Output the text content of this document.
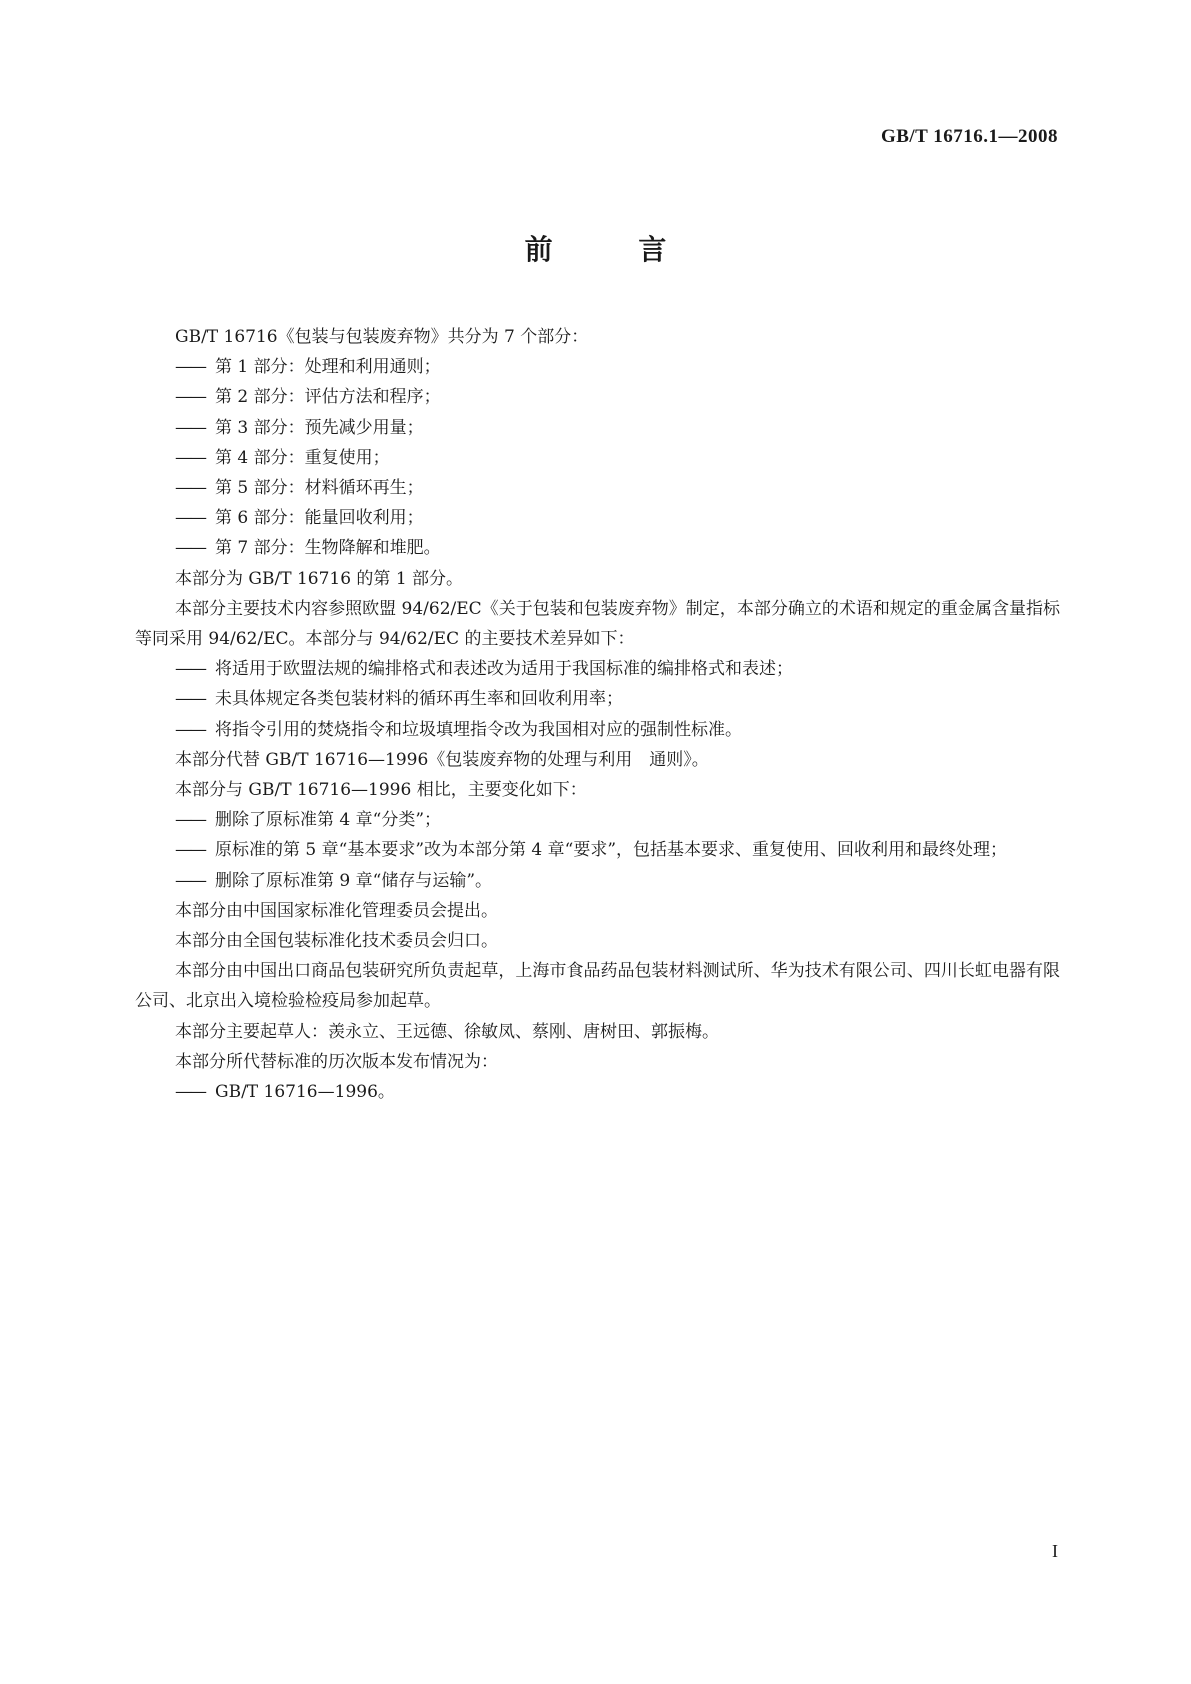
GB/T 16716.1—2008
前 言

GB/T 16716《包装与包装废弃物》共分为 7 个部分：

—— 第 1 部分：处理和利用通则；

—— 第 2 部分：评估方法和程序；

—— 第 3 部分：预先减少用量；

—— 第 4 部分：重复使用；

—— 第 5 部分：材料循环再生；

—— 第 6 部分：能量回收利用；

—— 第 7 部分：生物降解和堆肥。

本部分为 GB/T 16716 的第 1 部分。

本部分主要技术内容参照欧盟 94/62/EC《关于包装和包装废弃物》制定，本部分确立的术语和规定的重金属含量指标等同采用 94/62/EC。本部分与 94/62/EC 的主要技术差异如下：

—— 将适用于欧盟法规的编排格式和表述改为适用于我国标准的编排格式和表述；

—— 未具体规定各类包装材料的循环再生率和回收利用率；

—— 将指令引用的焚烧指令和垃圾填埋指令改为我国相对应的强制性标准。

本部分代替 GB/T 16716—1996《包装废弃物的处理与利用　通则》。

本部分与 GB/T 16716—1996 相比，主要变化如下：

—— 删除了原标准第 4 章“分类”；

—— 原标准的第 5 章“基本要求”改为本部分第 4 章“要求”，包括基本要求、重复使用、回收利用和最终处理；

—— 删除了原标准第 9 章“储存与运输”。

本部分由中国国家标准化管理委员会提出。

本部分由全国包装标准化技术委员会归口。

本部分由中国出口商品包装研究所负责起草，上海市食品药品包装材料测试所、华为技术有限公司、四川长虹电器有限公司、北京出入境检验检疫局参加起草。

本部分主要起草人：羡永立、王远德、徐敏凤、蔡刚、唐树田、郭振梅。

本部分所代替标准的历次版本发布情况为：

—— GB/T 16716—1996。

I
